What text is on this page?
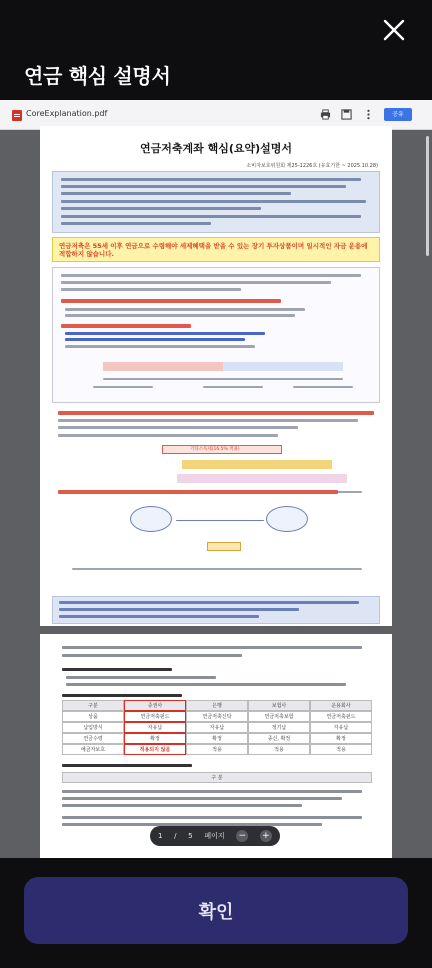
연금 핵심 설명서
CoreExplanation.pdf	공유
연금저축계좌 핵심(요약)설명서
소비자보호위원회 제25-1226호 (유효기한 ~ 2025.10.28)
연금저축은 55세 이후 연금으로 수령해야 세제혜택을 받을 수 있는 장기 투자상품이며 일시적인 자금 운용에 적합하지 않습니다.
기타소득세(16.5% 적용)
구분	증권사	은행	보험사	운용회사
상품	연금저축펀드	연금저축신탁	연금저축보험	연금저축펀드
납입방식	자유납	자유납	정기납	자유납
연금수령	확정	확정	종신, 확정	확정
예금자보호	적용되지 않음	적용	적용	적용
구 분
1 / 5 페이지 − +
확인
